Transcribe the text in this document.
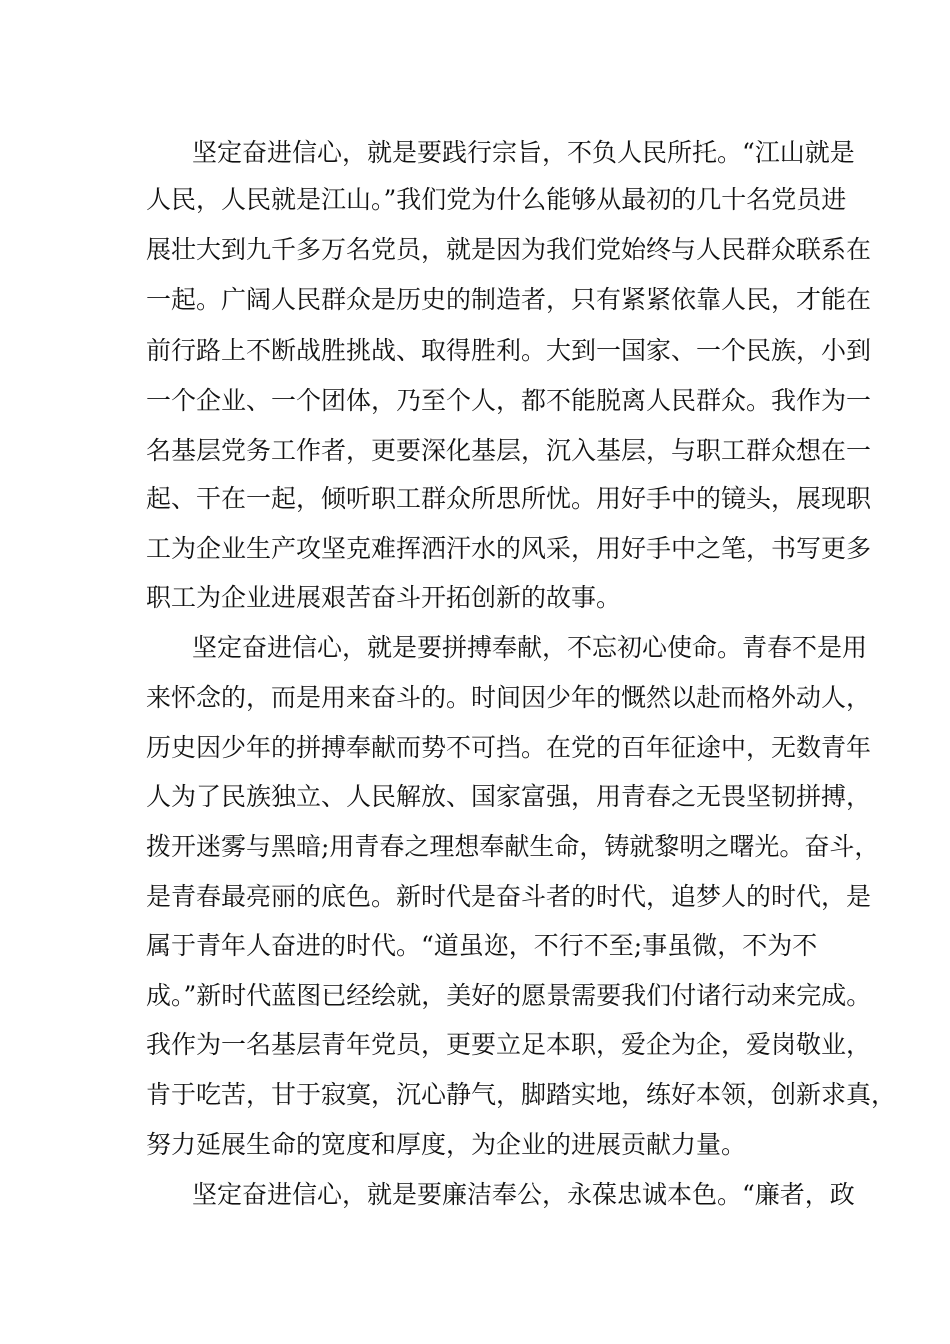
坚定奋进信心，就是要践行宗旨，不负人民所托。“江山就是
人民，人民就是江山。”我们党为什么能够从最初的几十名党员进
展壮大到九千多万名党员，就是因为我们党始终与人民群众联系在
一起。广阔人民群众是历史的制造者，只有紧紧依靠人民，才能在
前行路上不断战胜挑战、取得胜利。大到一国家、一个民族，小到
一个企业、一个团体，乃至个人，都不能脱离人民群众。我作为一
名基层党务工作者，更要深化基层，沉入基层，与职工群众想在一
起、干在一起，倾听职工群众所思所忧。用好手中的镜头，展现职
工为企业生产攻坚克难挥洒汗水的风采，用好手中之笔，书写更多
职工为企业进展艰苦奋斗开拓创新的故事。
坚定奋进信心，就是要拼搏奉献，不忘初心使命。青春不是用
来怀念的，而是用来奋斗的。时间因少年的慨然以赴而格外动人，
历史因少年的拼搏奉献而势不可挡。在党的百年征途中，无数青年
人为了民族独立、人民解放、国家富强，用青春之无畏坚韧拼搏，
拨开迷雾与黑暗;用青春之理想奉献生命，铸就黎明之曙光。奋斗，
是青春最亮丽的底色。新时代是奋斗者的时代，追梦人的时代，是
属于青年人奋进的时代。“道虽迩，不行不至;事虽微，不为不
成。”新时代蓝图已经绘就，美好的愿景需要我们付诸行动来完成。
我作为一名基层青年党员，更要立足本职，爱企为企，爱岗敬业，
肯于吃苦，甘于寂寞，沉心静气，脚踏实地，练好本领，创新求真，
努力延展生命的宽度和厚度，为企业的进展贡献力量。
坚定奋进信心，就是要廉洁奉公，永葆忠诚本色。“廉者，政
